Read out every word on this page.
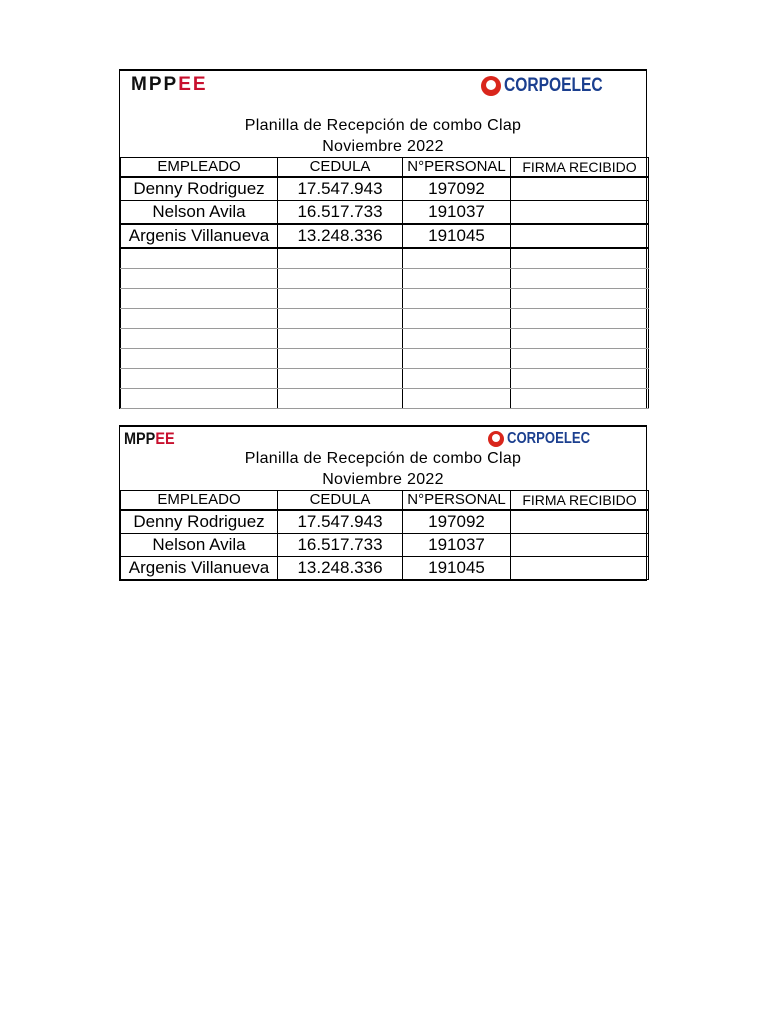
MPPEE	CORPOELEC
Planilla de Recepción de combo Clap
Noviembre 2022
EMPLEADO	CEDULA	N°PERSONAL	FIRMA RECIBIDO
Denny Rodriguez	17.547.943	197092	
Nelson Avila	16.517.733	191037	
Argenis Villanueva	13.248.336	191045	

MPPEE	CORPOELEC
Planilla de Recepción de combo Clap
Noviembre 2022
EMPLEADO	CEDULA	N°PERSONAL	FIRMA RECIBIDO
Denny Rodriguez	17.547.943	197092	
Nelson Avila	16.517.733	191037	
Argenis Villanueva	13.248.336	191045	
